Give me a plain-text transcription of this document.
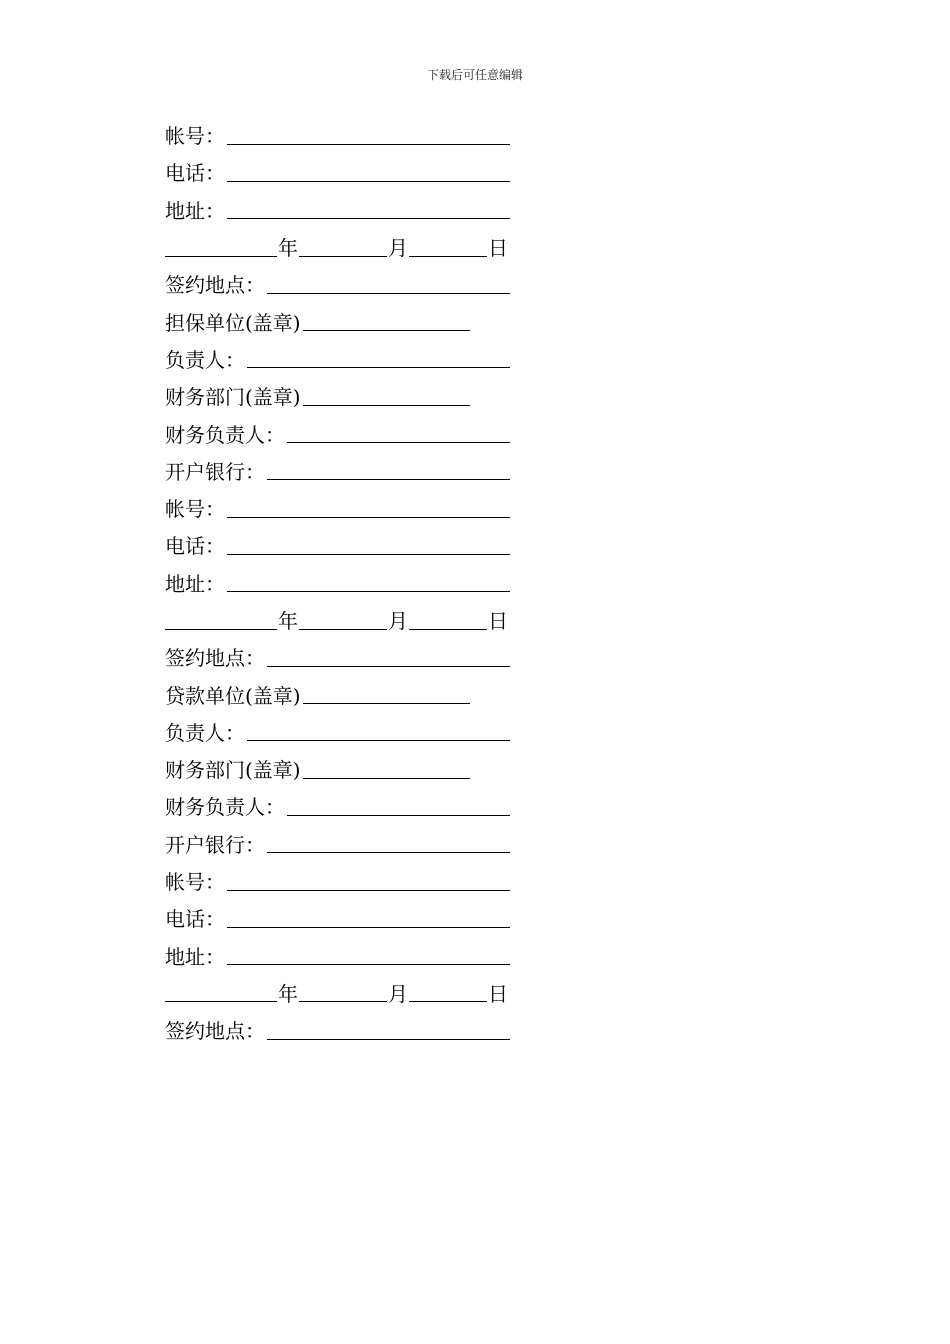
下载后可任意编辑
帐号：
电话：
地址：
年	月	日
签约地点：
担保单位(盖章)
负责人：
财务部门(盖章)
财务负责人：
开户银行：
帐号：
电话：
地址：
年	月	日
签约地点：
贷款单位(盖章)
负责人：
财务部门(盖章)
财务负责人：
开户银行：
帐号：
电话：
地址：
年	月	日
签约地点：
